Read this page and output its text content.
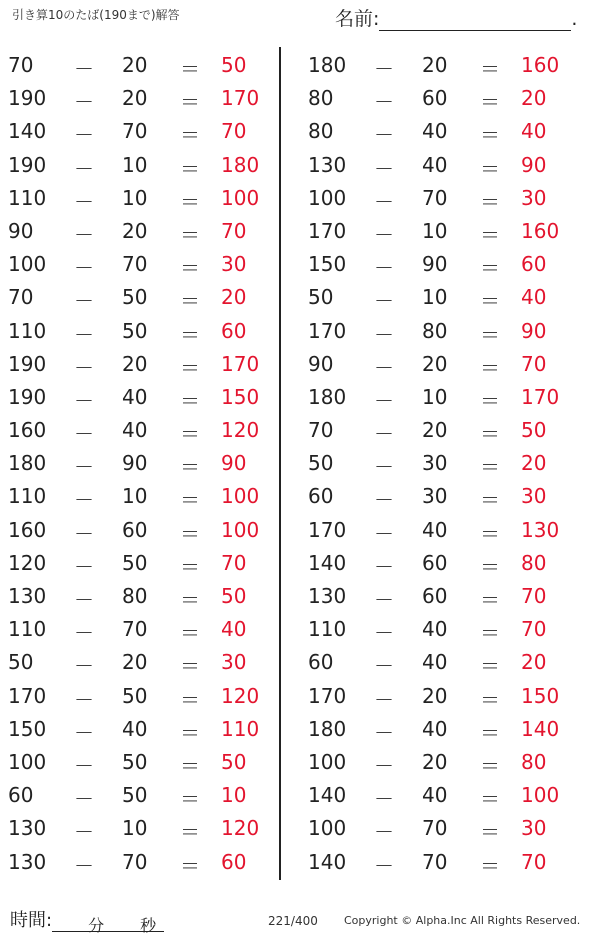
引き算10のたば(190まで)解答	名前:	.
70 － 20 ＝ 50
190 － 20 ＝ 170
140 － 70 ＝ 70
190 － 10 ＝ 180
110 － 10 ＝ 100
90 － 20 ＝ 70
100 － 70 ＝ 30
70 － 50 ＝ 20
110 － 50 ＝ 60
190 － 20 ＝ 170
190 － 40 ＝ 150
160 － 40 ＝ 120
180 － 90 ＝ 90
110 － 10 ＝ 100
160 － 60 ＝ 100
120 － 50 ＝ 70
130 － 80 ＝ 50
110 － 70 ＝ 40
50 － 20 ＝ 30
170 － 50 ＝ 120
150 － 40 ＝ 110
100 － 50 ＝ 50
60 － 50 ＝ 10
130 － 10 ＝ 120
130 － 70 ＝ 60
180 － 20 ＝ 160
80 － 60 ＝ 20
80 － 40 ＝ 40
130 － 40 ＝ 90
100 － 70 ＝ 30
170 － 10 ＝ 160
150 － 90 ＝ 60
50 － 10 ＝ 40
170 － 80 ＝ 90
90 － 20 ＝ 70
180 － 10 ＝ 170
70 － 20 ＝ 50
50 － 30 ＝ 20
60 － 30 ＝ 30
170 － 40 ＝ 130
140 － 60 ＝ 80
130 － 60 ＝ 70
110 － 40 ＝ 70
60 － 40 ＝ 20
170 － 20 ＝ 150
180 － 40 ＝ 140
100 － 20 ＝ 80
140 － 40 ＝ 100
100 － 70 ＝ 30
140 － 70 ＝ 70
時間: 分 秒	221/400 Copyright © Alpha.Inc All Rights Reserved.
